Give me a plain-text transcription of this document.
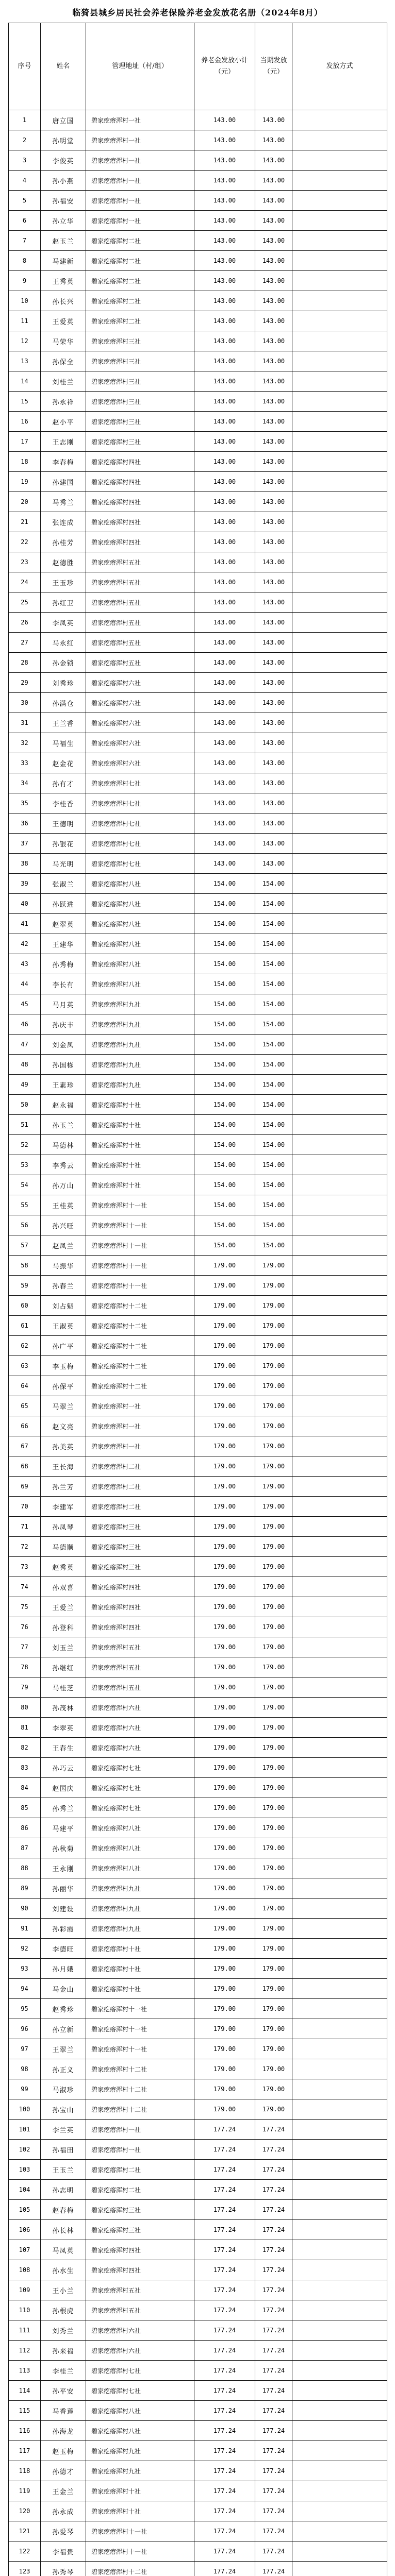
临猗县城乡居民社会养老保险养老金发放花名册（2024年8月）
序号	姓名	管理地址（村/组）	养老金发放小计（元）	当期发放（元）	发放方式
1	唐立国	碧家疙瘩浑村一社	143.00	143.00	
2	孙明堂	碧家疙瘩浑村一社	143.00	143.00	
3	李俊英	碧家疙瘩浑村一社	143.00	143.00	
4	孙小燕	碧家疙瘩浑村一社	143.00	143.00	
5	孙福安	碧家疙瘩浑村一社	143.00	143.00	
6	孙立华	碧家疙瘩浑村一社	143.00	143.00	
7	赵玉兰	碧家疙瘩浑村二社	143.00	143.00	
8	马建新	碧家疙瘩浑村二社	143.00	143.00	
9	王秀英	碧家疙瘩浑村二社	143.00	143.00	
10	孙长兴	碧家疙瘩浑村二社	143.00	143.00	
11	王爱英	碧家疙瘩浑村二社	143.00	143.00	
12	马荣华	碧家疙瘩浑村三社	143.00	143.00	
13	孙保全	碧家疙瘩浑村三社	143.00	143.00	
14	刘桂兰	碧家疙瘩浑村三社	143.00	143.00	
15	孙永祥	碧家疙瘩浑村三社	143.00	143.00	
16	赵小平	碧家疙瘩浑村三社	143.00	143.00	
17	王志刚	碧家疙瘩浑村三社	143.00	143.00	
18	李春梅	碧家疙瘩浑村四社	143.00	143.00	
19	孙建国	碧家疙瘩浑村四社	143.00	143.00	
20	马秀兰	碧家疙瘩浑村四社	143.00	143.00	
21	张连成	碧家疙瘩浑村四社	143.00	143.00	
22	孙桂芳	碧家疙瘩浑村四社	143.00	143.00	
23	赵德胜	碧家疙瘩浑村五社	143.00	143.00	
24	王玉珍	碧家疙瘩浑村五社	143.00	143.00	
25	孙红卫	碧家疙瘩浑村五社	143.00	143.00	
26	李凤英	碧家疙瘩浑村五社	143.00	143.00	
27	马永红	碧家疙瘩浑村五社	143.00	143.00	
28	孙金锁	碧家疙瘩浑村五社	143.00	143.00	
29	刘秀珍	碧家疙瘩浑村六社	143.00	143.00	
30	孙满仓	碧家疙瘩浑村六社	143.00	143.00	
31	王兰香	碧家疙瘩浑村六社	143.00	143.00	
32	马福生	碧家疙瘩浑村六社	143.00	143.00	
33	赵金花	碧家疙瘩浑村六社	143.00	143.00	
34	孙有才	碧家疙瘩浑村七社	143.00	143.00	
35	李桂香	碧家疙瘩浑村七社	143.00	143.00	
36	王德明	碧家疙瘩浑村七社	143.00	143.00	
37	孙银花	碧家疙瘩浑村七社	143.00	143.00	
38	马光明	碧家疙瘩浑村七社	143.00	143.00	
39	张淑兰	碧家疙瘩浑村八社	154.00	154.00	
40	孙跃进	碧家疙瘩浑村八社	154.00	154.00	
41	赵翠英	碧家疙瘩浑村八社	154.00	154.00	
42	王建华	碧家疙瘩浑村八社	154.00	154.00	
43	孙秀梅	碧家疙瘩浑村八社	154.00	154.00	
44	李长有	碧家疙瘩浑村八社	154.00	154.00	
45	马月英	碧家疙瘩浑村九社	154.00	154.00	
46	孙庆丰	碧家疙瘩浑村九社	154.00	154.00	
47	刘金凤	碧家疙瘩浑村九社	154.00	154.00	
48	孙国栋	碧家疙瘩浑村九社	154.00	154.00	
49	王素珍	碧家疙瘩浑村九社	154.00	154.00	
50	赵永福	碧家疙瘩浑村十社	154.00	154.00	
51	孙玉兰	碧家疙瘩浑村十社	154.00	154.00	
52	马德林	碧家疙瘩浑村十社	154.00	154.00	
53	李秀云	碧家疙瘩浑村十社	154.00	154.00	
54	孙万山	碧家疙瘩浑村十社	154.00	154.00	
55	王桂英	碧家疙瘩浑村十一社	154.00	154.00	
56	孙兴旺	碧家疙瘩浑村十一社	154.00	154.00	
57	赵凤兰	碧家疙瘩浑村十一社	154.00	154.00	
58	马振华	碧家疙瘩浑村十一社	179.00	179.00	
59	孙春兰	碧家疙瘩浑村十一社	179.00	179.00	
60	刘占魁	碧家疙瘩浑村十二社	179.00	179.00	
61	王淑英	碧家疙瘩浑村十二社	179.00	179.00	
62	孙广平	碧家疙瘩浑村十二社	179.00	179.00	
63	李玉梅	碧家疙瘩浑村十二社	179.00	179.00	
64	孙保平	碧家疙瘩浑村十二社	179.00	179.00	
65	马翠兰	碧家疙瘩浑村一社	179.00	179.00	
66	赵文亮	碧家疙瘩浑村一社	179.00	179.00	
67	孙美英	碧家疙瘩浑村一社	179.00	179.00	
68	王长海	碧家疙瘩浑村二社	179.00	179.00	
69	孙兰芳	碧家疙瘩浑村二社	179.00	179.00	
70	李建军	碧家疙瘩浑村二社	179.00	179.00	
71	孙凤琴	碧家疙瘩浑村三社	179.00	179.00	
72	马德顺	碧家疙瘩浑村三社	179.00	179.00	
73	赵秀英	碧家疙瘩浑村三社	179.00	179.00	
74	孙双喜	碧家疙瘩浑村四社	179.00	179.00	
75	王爱兰	碧家疙瘩浑村四社	179.00	179.00	
76	孙登科	碧家疙瘩浑村四社	179.00	179.00	
77	刘玉兰	碧家疙瘩浑村五社	179.00	179.00	
78	孙继红	碧家疙瘩浑村五社	179.00	179.00	
79	马桂芝	碧家疙瘩浑村五社	179.00	179.00	
80	孙茂林	碧家疙瘩浑村六社	179.00	179.00	
81	李翠英	碧家疙瘩浑村六社	179.00	179.00	
82	王春生	碧家疙瘩浑村六社	179.00	179.00	
83	孙巧云	碧家疙瘩浑村七社	179.00	179.00	
84	赵国庆	碧家疙瘩浑村七社	179.00	179.00	
85	孙秀兰	碧家疙瘩浑村七社	179.00	179.00	
86	马建平	碧家疙瘩浑村八社	179.00	179.00	
87	孙秋菊	碧家疙瘩浑村八社	179.00	179.00	
88	王永刚	碧家疙瘩浑村八社	179.00	179.00	
89	孙丽华	碧家疙瘩浑村九社	179.00	179.00	
90	刘建设	碧家疙瘩浑村九社	179.00	179.00	
91	孙彩霞	碧家疙瘩浑村九社	179.00	179.00	
92	李德旺	碧家疙瘩浑村十社	179.00	179.00	
93	孙月娥	碧家疙瘩浑村十社	179.00	179.00	
94	马金山	碧家疙瘩浑村十社	179.00	179.00	
95	赵秀珍	碧家疙瘩浑村十一社	179.00	179.00	
96	孙立新	碧家疙瘩浑村十一社	179.00	179.00	
97	王翠兰	碧家疙瘩浑村十一社	179.00	179.00	
98	孙正义	碧家疙瘩浑村十二社	179.00	179.00	
99	马淑珍	碧家疙瘩浑村十二社	179.00	179.00	
100	孙宝山	碧家疙瘩浑村十二社	179.00	179.00	
101	李兰英	碧家疙瘩浑村一社	177.24	177.24	
102	孙福田	碧家疙瘩浑村一社	177.24	177.24	
103	王玉兰	碧家疙瘩浑村二社	177.24	177.24	
104	孙志明	碧家疙瘩浑村二社	177.24	177.24	
105	赵春梅	碧家疙瘩浑村三社	177.24	177.24	
106	孙长林	碧家疙瘩浑村三社	177.24	177.24	
107	马凤英	碧家疙瘩浑村四社	177.24	177.24	
108	孙水生	碧家疙瘩浑村四社	177.24	177.24	
109	王小兰	碧家疙瘩浑村五社	177.24	177.24	
110	孙根虎	碧家疙瘩浑村五社	177.24	177.24	
111	刘秀兰	碧家疙瘩浑村六社	177.24	177.24	
112	孙来福	碧家疙瘩浑村六社	177.24	177.24	
113	李桂兰	碧家疙瘩浑村七社	177.24	177.24	
114	孙平安	碧家疙瘩浑村七社	177.24	177.24	
115	马香莲	碧家疙瘩浑村八社	177.24	177.24	
116	孙海龙	碧家疙瘩浑村八社	177.24	177.24	
117	赵玉梅	碧家疙瘩浑村九社	177.24	177.24	
118	孙德才	碧家疙瘩浑村九社	177.24	177.24	
119	王金兰	碧家疙瘩浑村十社	177.24	177.24	
120	孙永成	碧家疙瘩浑村十社	177.24	177.24	
121	孙爱琴	碧家疙瘩浑村十一社	177.24	177.24	
122	李福贵	碧家疙瘩浑村十一社	177.24	177.24	
123	孙秀琴	碧家疙瘩浑村十二社	177.24	177.24	
